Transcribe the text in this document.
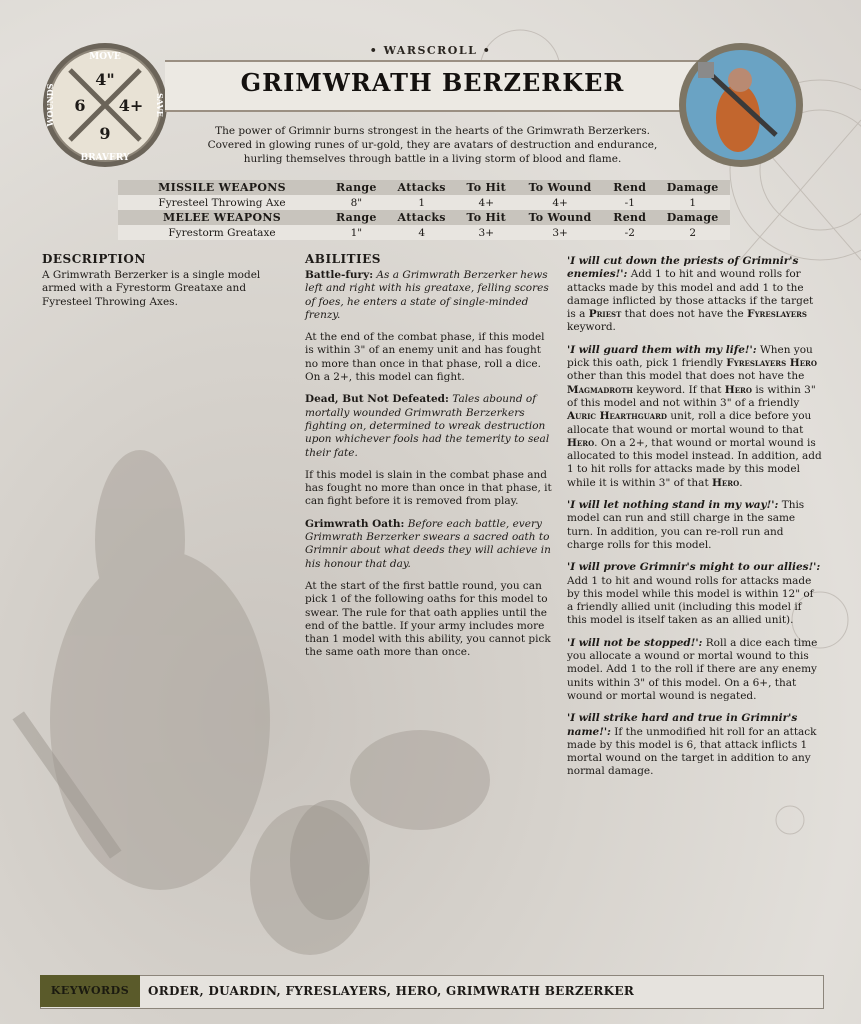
MOVE
4"
6 4+
9
BRAVERY
WOUNDS	SAVE
• WARSCROLL •
GRIMWRATH BERZERKER
The power of Grimnir burns strongest in the hearts of the Grimwrath Berzerkers. Covered in glowing runes of ur-gold, they are avatars of destruction and endurance, hurling themselves through battle in a living storm of blood and flame.
MISSILE WEAPONS	Range	Attacks	To Hit	To Wound	Rend	Damage
Fyresteel Throwing Axe	8"	1	4+	4+	-1	1
MELEE WEAPONS	Range	Attacks	To Hit	To Wound	Rend	Damage
Fyrestorm Greataxe	1"	4	3+	3+	-2	2
DESCRIPTION
A Grimwrath Berzerker is a single model armed with a Fyrestorm Greataxe and Fyresteel Throwing Axes.
ABILITIES

Battle-fury: As a Grimwrath Berzerker hews left and right with his greataxe, felling scores of foes, he enters a state of single-minded frenzy.

At the end of the combat phase, if this model is within 3" of an enemy unit and has fought no more than once in that phase, roll a dice. On a 2+, this model can fight.

Dead, But Not Defeated: Tales abound of mortally wounded Grimwrath Berzerkers fighting on, determined to wreak destruction upon whichever fools had the temerity to seal their fate.

If this model is slain in the combat phase and has fought no more than once in that phase, it can fight before it is removed from play.

Grimwrath Oath: Before each battle, every Grimwrath Berzerker swears a sacred oath to Grimnir about what deeds they will achieve in his honour that day.

At the start of the first battle round, you can pick 1 of the following oaths for this model to swear. The rule for that oath applies until the end of the battle. If your army includes more than 1 model with this ability, you cannot pick the same oath more than once.

'I will cut down the priests of Grimnir's enemies!': Add 1 to hit and wound rolls for attacks made by this model and add 1 to the damage inflicted by those attacks if the target is a Priest that does not have the Fyreslayers keyword.

'I will guard them with my life!': When you pick this oath, pick 1 friendly Fyreslayers Hero other than this model that does not have the Magmadroth keyword. If that Hero is within 3" of this model and not within 3" of a friendly Auric Hearthguard unit, roll a dice before you allocate that wound or mortal wound to that Hero. On a 2+, that wound or mortal wound is allocated to this model instead. In addition, add 1 to hit rolls for attacks made by this model while it is within 3" of that Hero.

'I will let nothing stand in my way!': This model can run and still charge in the same turn. In addition, you can re-roll run and charge rolls for this model.

'I will prove Grimnir's might to our allies!': Add 1 to hit and wound rolls for attacks made by this model while this model is within 12" of a friendly allied unit (including this model if this model is itself taken as an allied unit).

'I will not be stopped!': Roll a dice each time you allocate a wound or mortal wound to this model. Add 1 to the roll if there are any enemy units within 3" of this model. On a 6+, that wound or mortal wound is negated.

'I will strike hard and true in Grimnir's name!': If the unmodified hit roll for an attack made by this model is 6, that attack inflicts 1 mortal wound on the target in addition to any normal damage.

KEYWORDS	ORDER, DUARDIN, FYRESLAYERS, HERO, GRIMWRATH BERZERKER
